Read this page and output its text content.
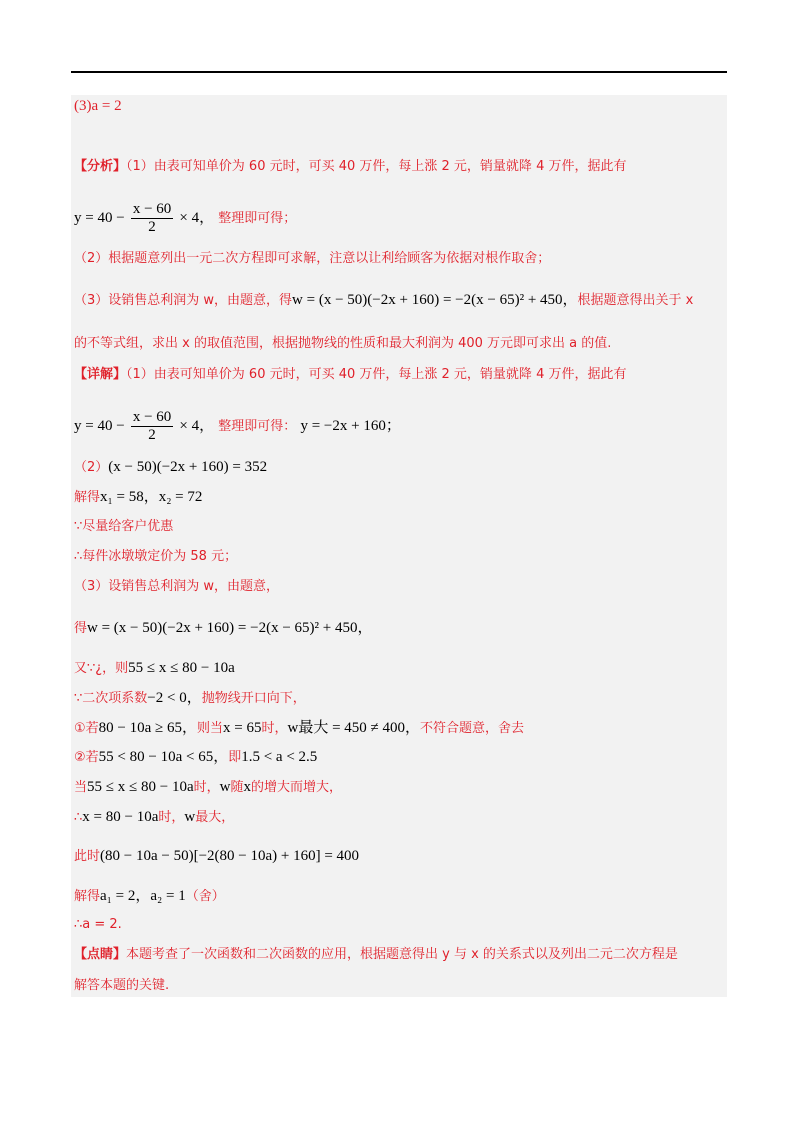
(3)a = 2
【分析】（1）由表可知单价为 60 元时，可买 40 万件，每上涨 2 元，销量就降 4 万件，据此有
$y = 40 - \frac{x - 60}{2} \times 4$， 整理即可得；
（2）根据题意列出一元二次方程即可求解，注意以让利给顾客为依据对根作取舍；
（3）设销售总利润为 w，由题意，得w = (x − 50)(−2x + 160) = −2(x − 65)² + 450，根据题意得出关于 x
的不等式组，求出 x 的取值范围，根据抛物线的性质和最大利润为 400 万元即可求出 a 的值.
【详解】（1）由表可知单价为 60 元时，可买 40 万件，每上涨 2 元，销量就降 4 万件，据此有
$y = 40 - \frac{x - 60}{2} \times 4$， 整理即可得： y = −2x + 160；
（2）(x − 50)(−2x + 160) = 352
解得x₁ = 58，x₂ = 72
∵尽量给客户优惠
∴每件冰墩墩定价为 58 元；
（3）设销售总利润为 w，由题意，
得w = (x − 50)(−2x + 160) = −2(x − 65)² + 450，
又∵¿，则55 ≤ x ≤ 80 − 10a
∵二次项系数−2 < 0，抛物线开口向下，
①若80 − 10a ≥ 65，则当x = 65时，w最大 = 450 ≠ 400，不符合题意，舍去
②若55 < 80 − 10a < 65，即1.5 < a < 2.5
当55 ≤ x ≤ 80 − 10a时，w随x的增大而增大，
∴x = 80 − 10a时，w最大，
此时(80 − 10a − 50)[−2(80 − 10a) + 160] = 400
解得a₁ = 2，a₂ = 1（舍）
∴a = 2.
【点睛】本题考查了一次函数和二次函数的应用，根据题意得出 y 与 x 的关系式以及列出二元二次方程是
解答本题的关键.
